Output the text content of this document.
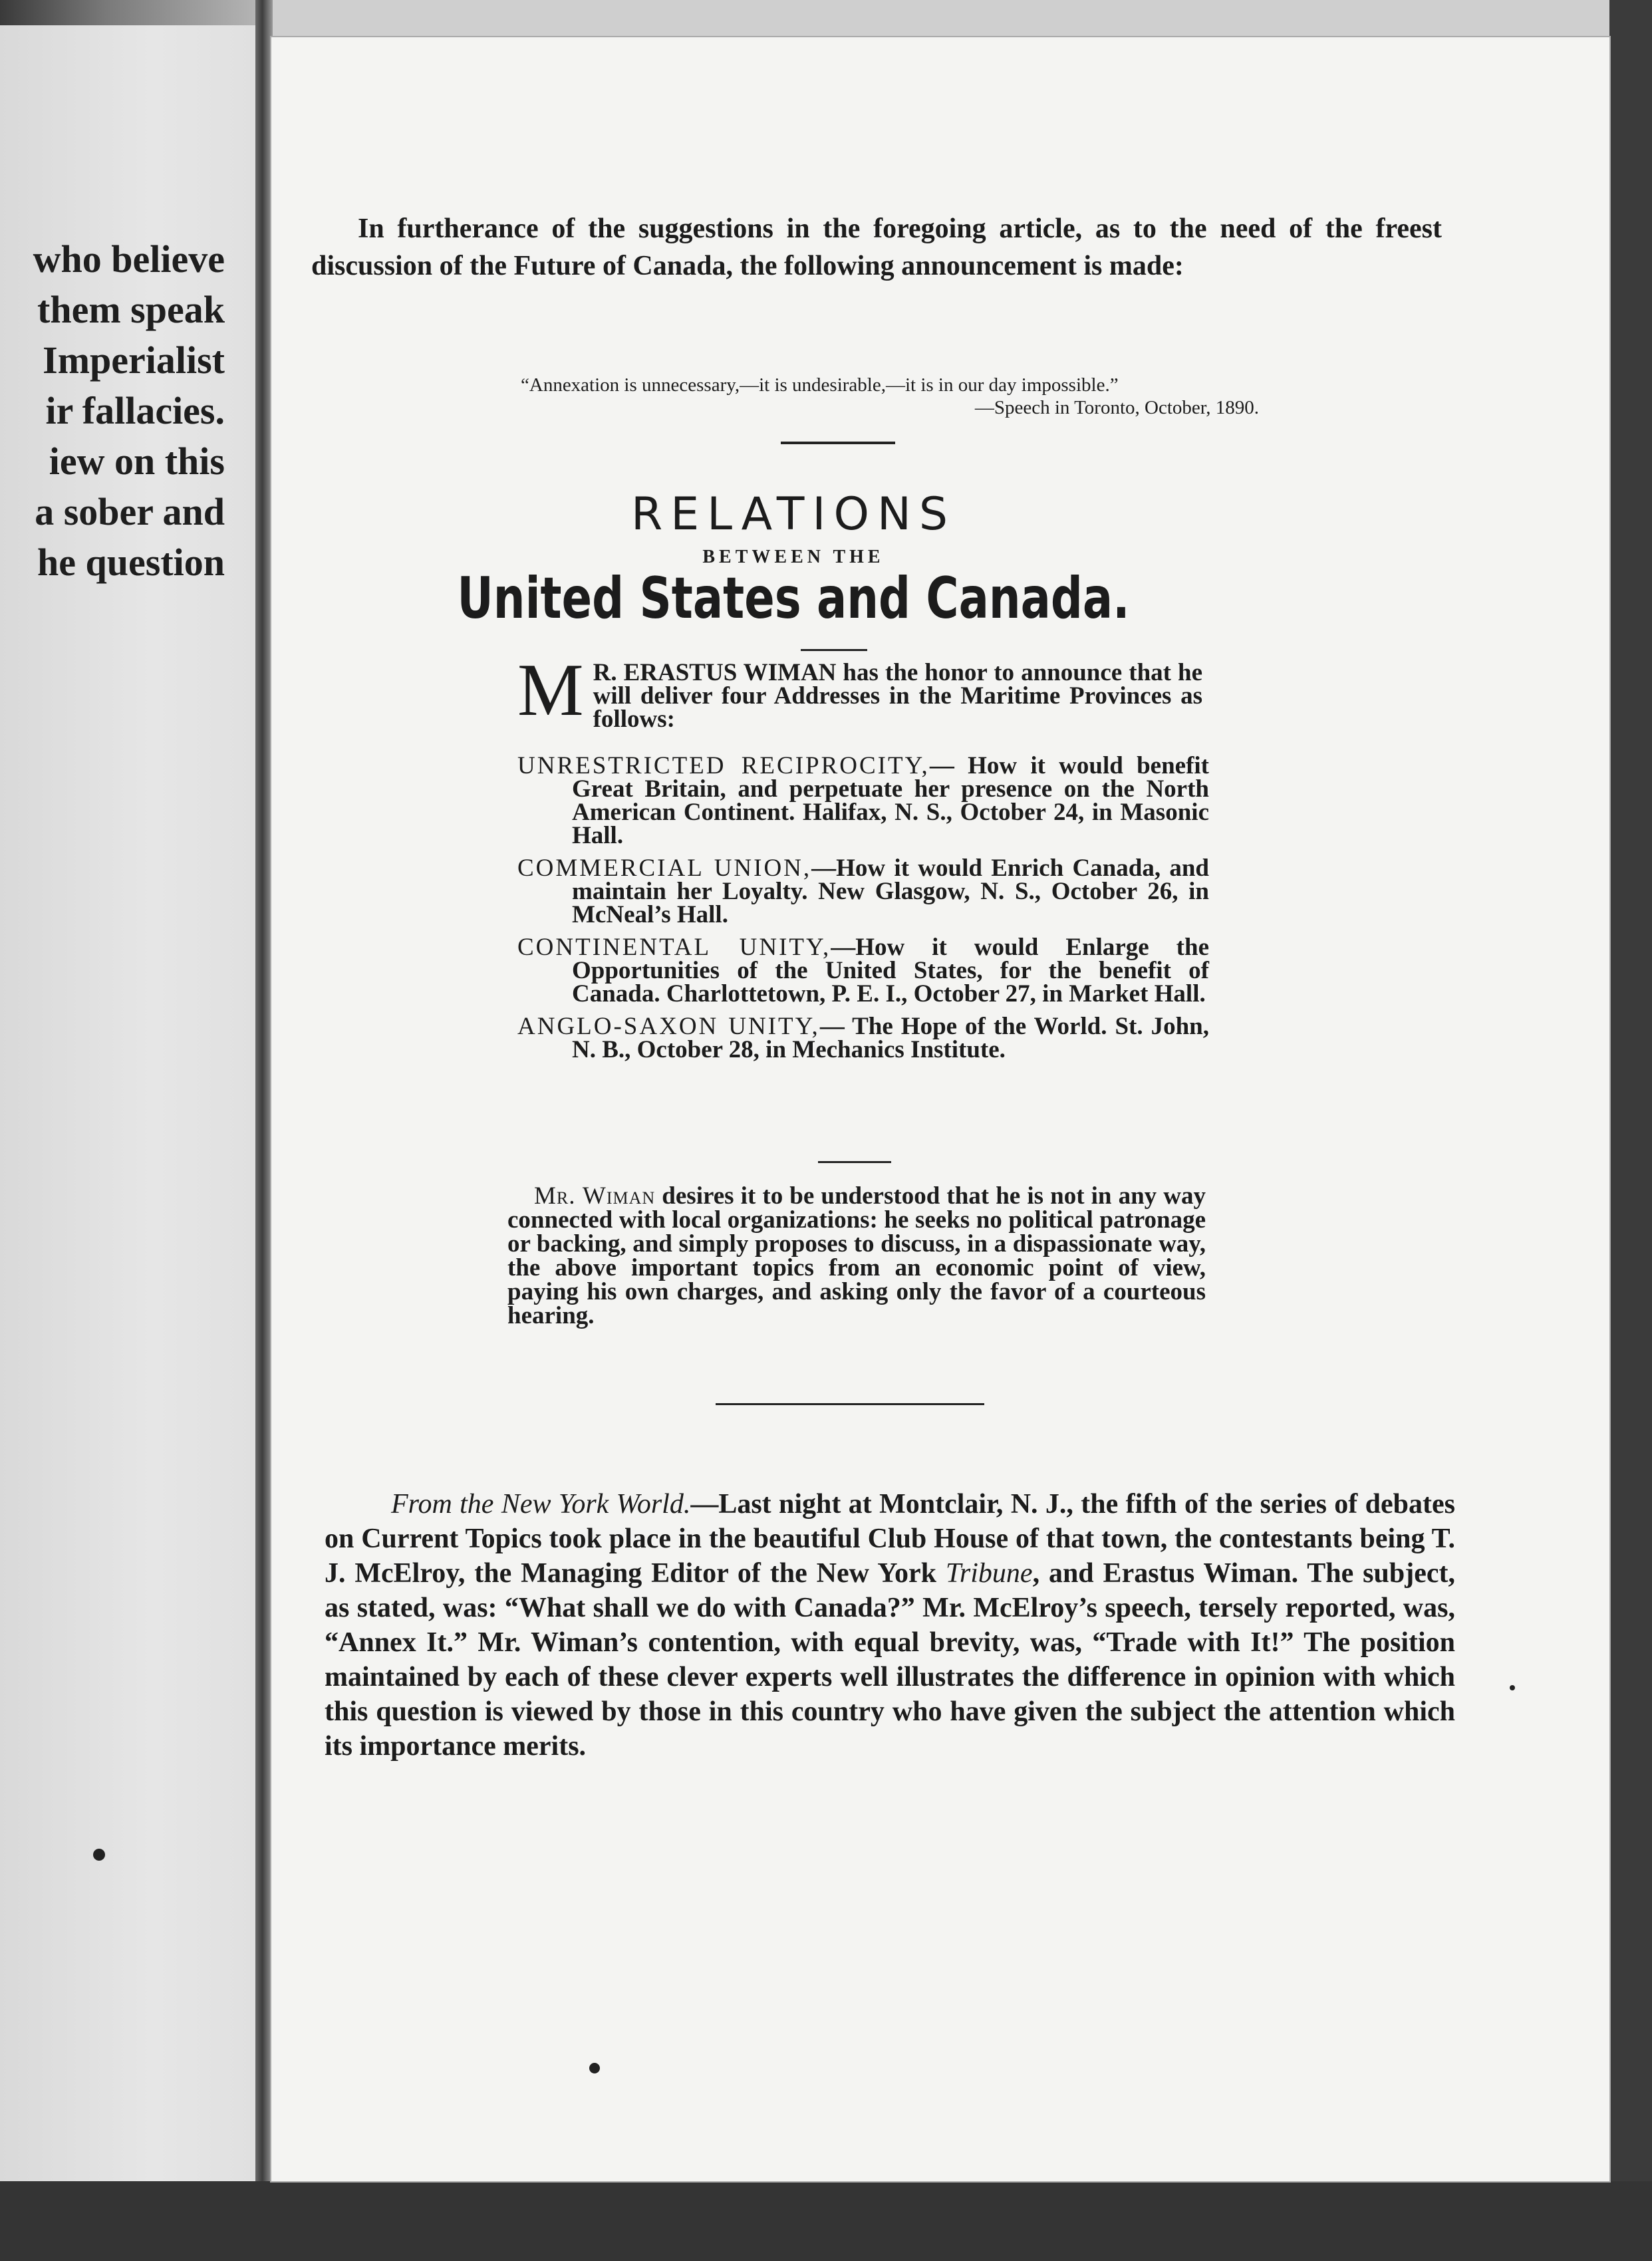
who believe
them speak
Imperialist
ir fallacies.
iew on this
a sober and
he question
In furtherance of the suggestions in the foregoing article, as to the need of the freest discussion of the Future of Canada, the following announcement is made:
“Annexation is unnecessary,—it is undesirable,—it is in our day impossible.”
—Speech in Toronto, October, 1890.
RELATIONS
BETWEEN THE
United States and Canada.
M R. ERASTUS WIMAN has the honor to announce that he will deliver four Addresses in the Maritime Provinces as follows:
UNRESTRICTED RECIPROCITY,— How it would benefit Great Britain, and perpetuate her presence on the North American Continent. Halifax, N. S., October 24, in Masonic Hall.
COMMERCIAL UNION,—How it would Enrich Canada, and maintain her Loyalty. New Glasgow, N. S., October 26, in McNeal’s Hall.
CONTINENTAL UNITY,—How it would Enlarge the Opportunities of the United States, for the benefit of Canada. Charlottetown, P. E. I., October 27, in Market Hall.
ANGLO-SAXON UNITY,— The Hope of the World. St. John, N. B., October 28, in Mechanics Institute.
Mr. Wiman desires it to be understood that he is not in any way connected with local organizations: he seeks no political patronage or backing, and simply proposes to discuss, in a dispassionate way, the above important topics from an economic point of view, paying his own charges, and asking only the favor of a courteous hearing.
From the New York World.—Last night at Montclair, N. J., the fifth of the series of debates on Current Topics took place in the beautiful Club House of that town, the contestants being T. J. McElroy, the Managing Editor of the New York Tribune, and Erastus Wiman. The subject, as stated, was: “What shall we do with Canada?” Mr. McElroy’s speech, tersely reported, was, “Annex It.” Mr. Wiman’s contention, with equal brevity, was, “Trade with It!” The position maintained by each of these clever experts well illustrates the difference in opinion with which this question is viewed by those in this country who have given the subject the attention which its importance merits.
